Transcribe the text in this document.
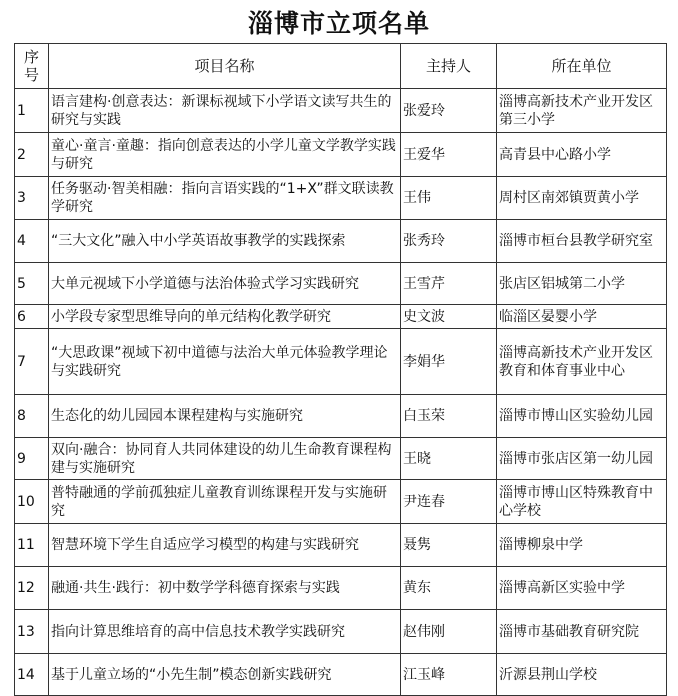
淄博市立项名单
序号	项目名称	主持人	所在单位
1	语言建构·创意表达：新课标视域下小学语文读写共生的研究与实践	张爱玲	淄博高新技术产业开发区第三小学
2	童心·童言·童趣：指向创意表达的小学儿童文学教学实践与研究	王爱华	高青县中心路小学
3	任务驱动·智美相融：指向言语实践的“1+X”群文联读教学研究	王伟	周村区南郊镇贾黄小学
4	“三大文化”融入中小学英语故事教学的实践探索	张秀玲	淄博市桓台县教学研究室
5	大单元视域下小学道德与法治体验式学习实践研究	王雪芹	张店区铝城第二小学
6	小学段专家型思维导向的单元结构化教学研究	史文波	临淄区晏婴小学
7	“大思政课”视域下初中道德与法治大单元体验教学理论与实践研究	李娟华	淄博高新技术产业开发区教育和体育事业中心
8	生态化的幼儿园园本课程建构与实施研究	白玉荣	淄博市博山区实验幼儿园
9	双向·融合：协同育人共同体建设的幼儿生命教育课程构建与实施研究	王晓	淄博市张店区第一幼儿园
10	普特融通的学前孤独症儿童教育训练课程开发与实施研究	尹连春	淄博市博山区特殊教育中心学校
11	智慧环境下学生自适应学习模型的构建与实践研究	聂隽	淄博柳泉中学
12	融通·共生·践行：初中数学学科德育探索与实践	黄东	淄博高新区实验中学
13	指向计算思维培育的高中信息技术教学实践研究	赵伟刚	淄博市基础教育研究院
14	基于儿童立场的“小先生制”模态创新实践研究	江玉峰	沂源县荆山学校
